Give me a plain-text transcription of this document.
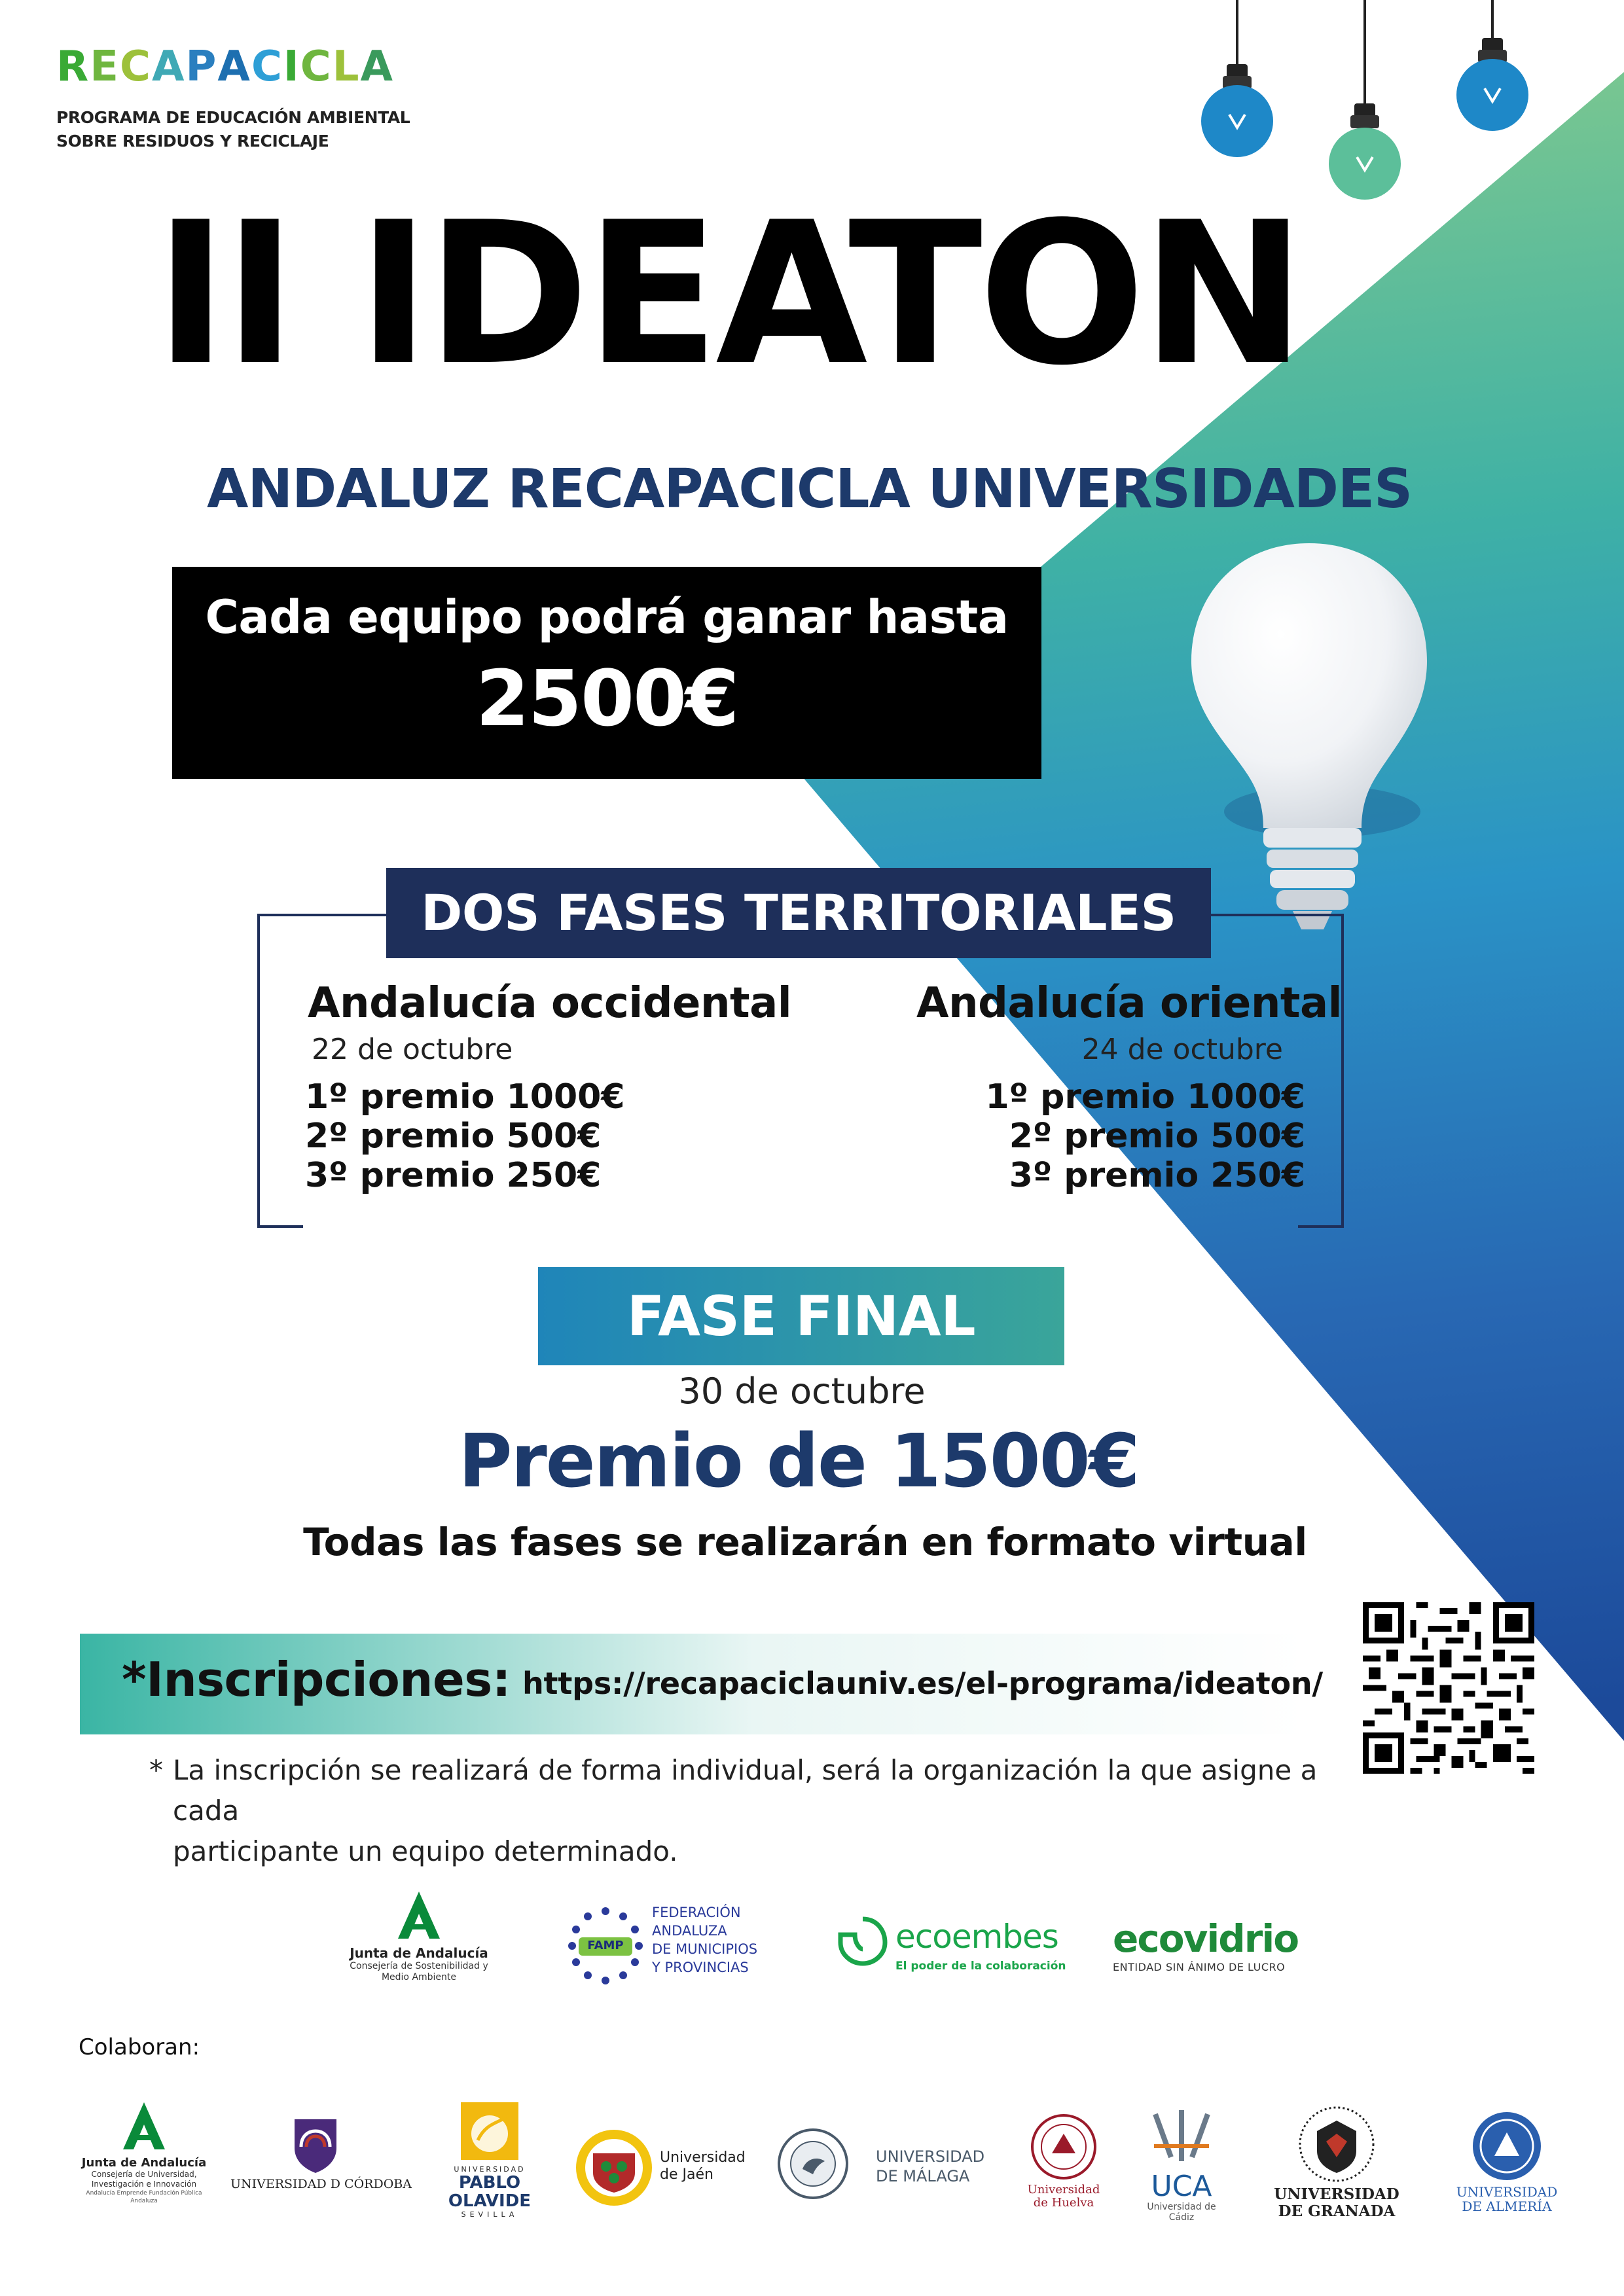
RECAPACICLA
PROGRAMA DE EDUCACIÓN AMBIENTAL
SOBRE RESIDUOS Y RECICLAJE
II IDEATON
ANDALUZ RECAPACICLA UNIVERSIDADES
Cada equipo podrá ganar hasta
2500€
DOS FASES TERRITORIALES
Andalucía occidental
22 de octubre
1º premio 1000€
2º premio 500€
3º premio 250€
Andalucía oriental
24 de octubre
1º premio 1000€
2º premio 500€
3º premio 250€
FASE FINAL
30 de octubre
Premio de 1500€
Todas las fases se realizarán en formato virtual
*Inscripciones: https://recapaciclauniv.es/el-programa/ideaton/
* La inscripción se realizará de forma individual, será la organización la que asigne a cada

participante un equipo determinado.

Junta de Andalucía
Consejería de Sostenibilidad y Medio Ambiente
FAMP
FEDERACIÓN
ANDALUZA
DE MUNICIPIOS
Y PROVINCIAS
ecoembes
El poder de la colaboración
ecovidrio
ENTIDAD SIN ÁNIMO DE LUCRO
Colaboran:
Junta de Andalucía
Consejería de Universidad, Investigación e Innovación
Andalucía Emprende Fundación Pública Andaluza
UNIVERSIDAD D CÓRDOBA
UNIVERSIDAD
PABLO OLAVIDE
SEVILLA
Universidad de Jaén
UNIVERSIDAD DE MÁLAGA
Universidad de Huelva	UCA
Universidad de Cádiz
UNIVERSIDAD DE GRANADA
UNIVERSIDAD DE ALMERÍA
